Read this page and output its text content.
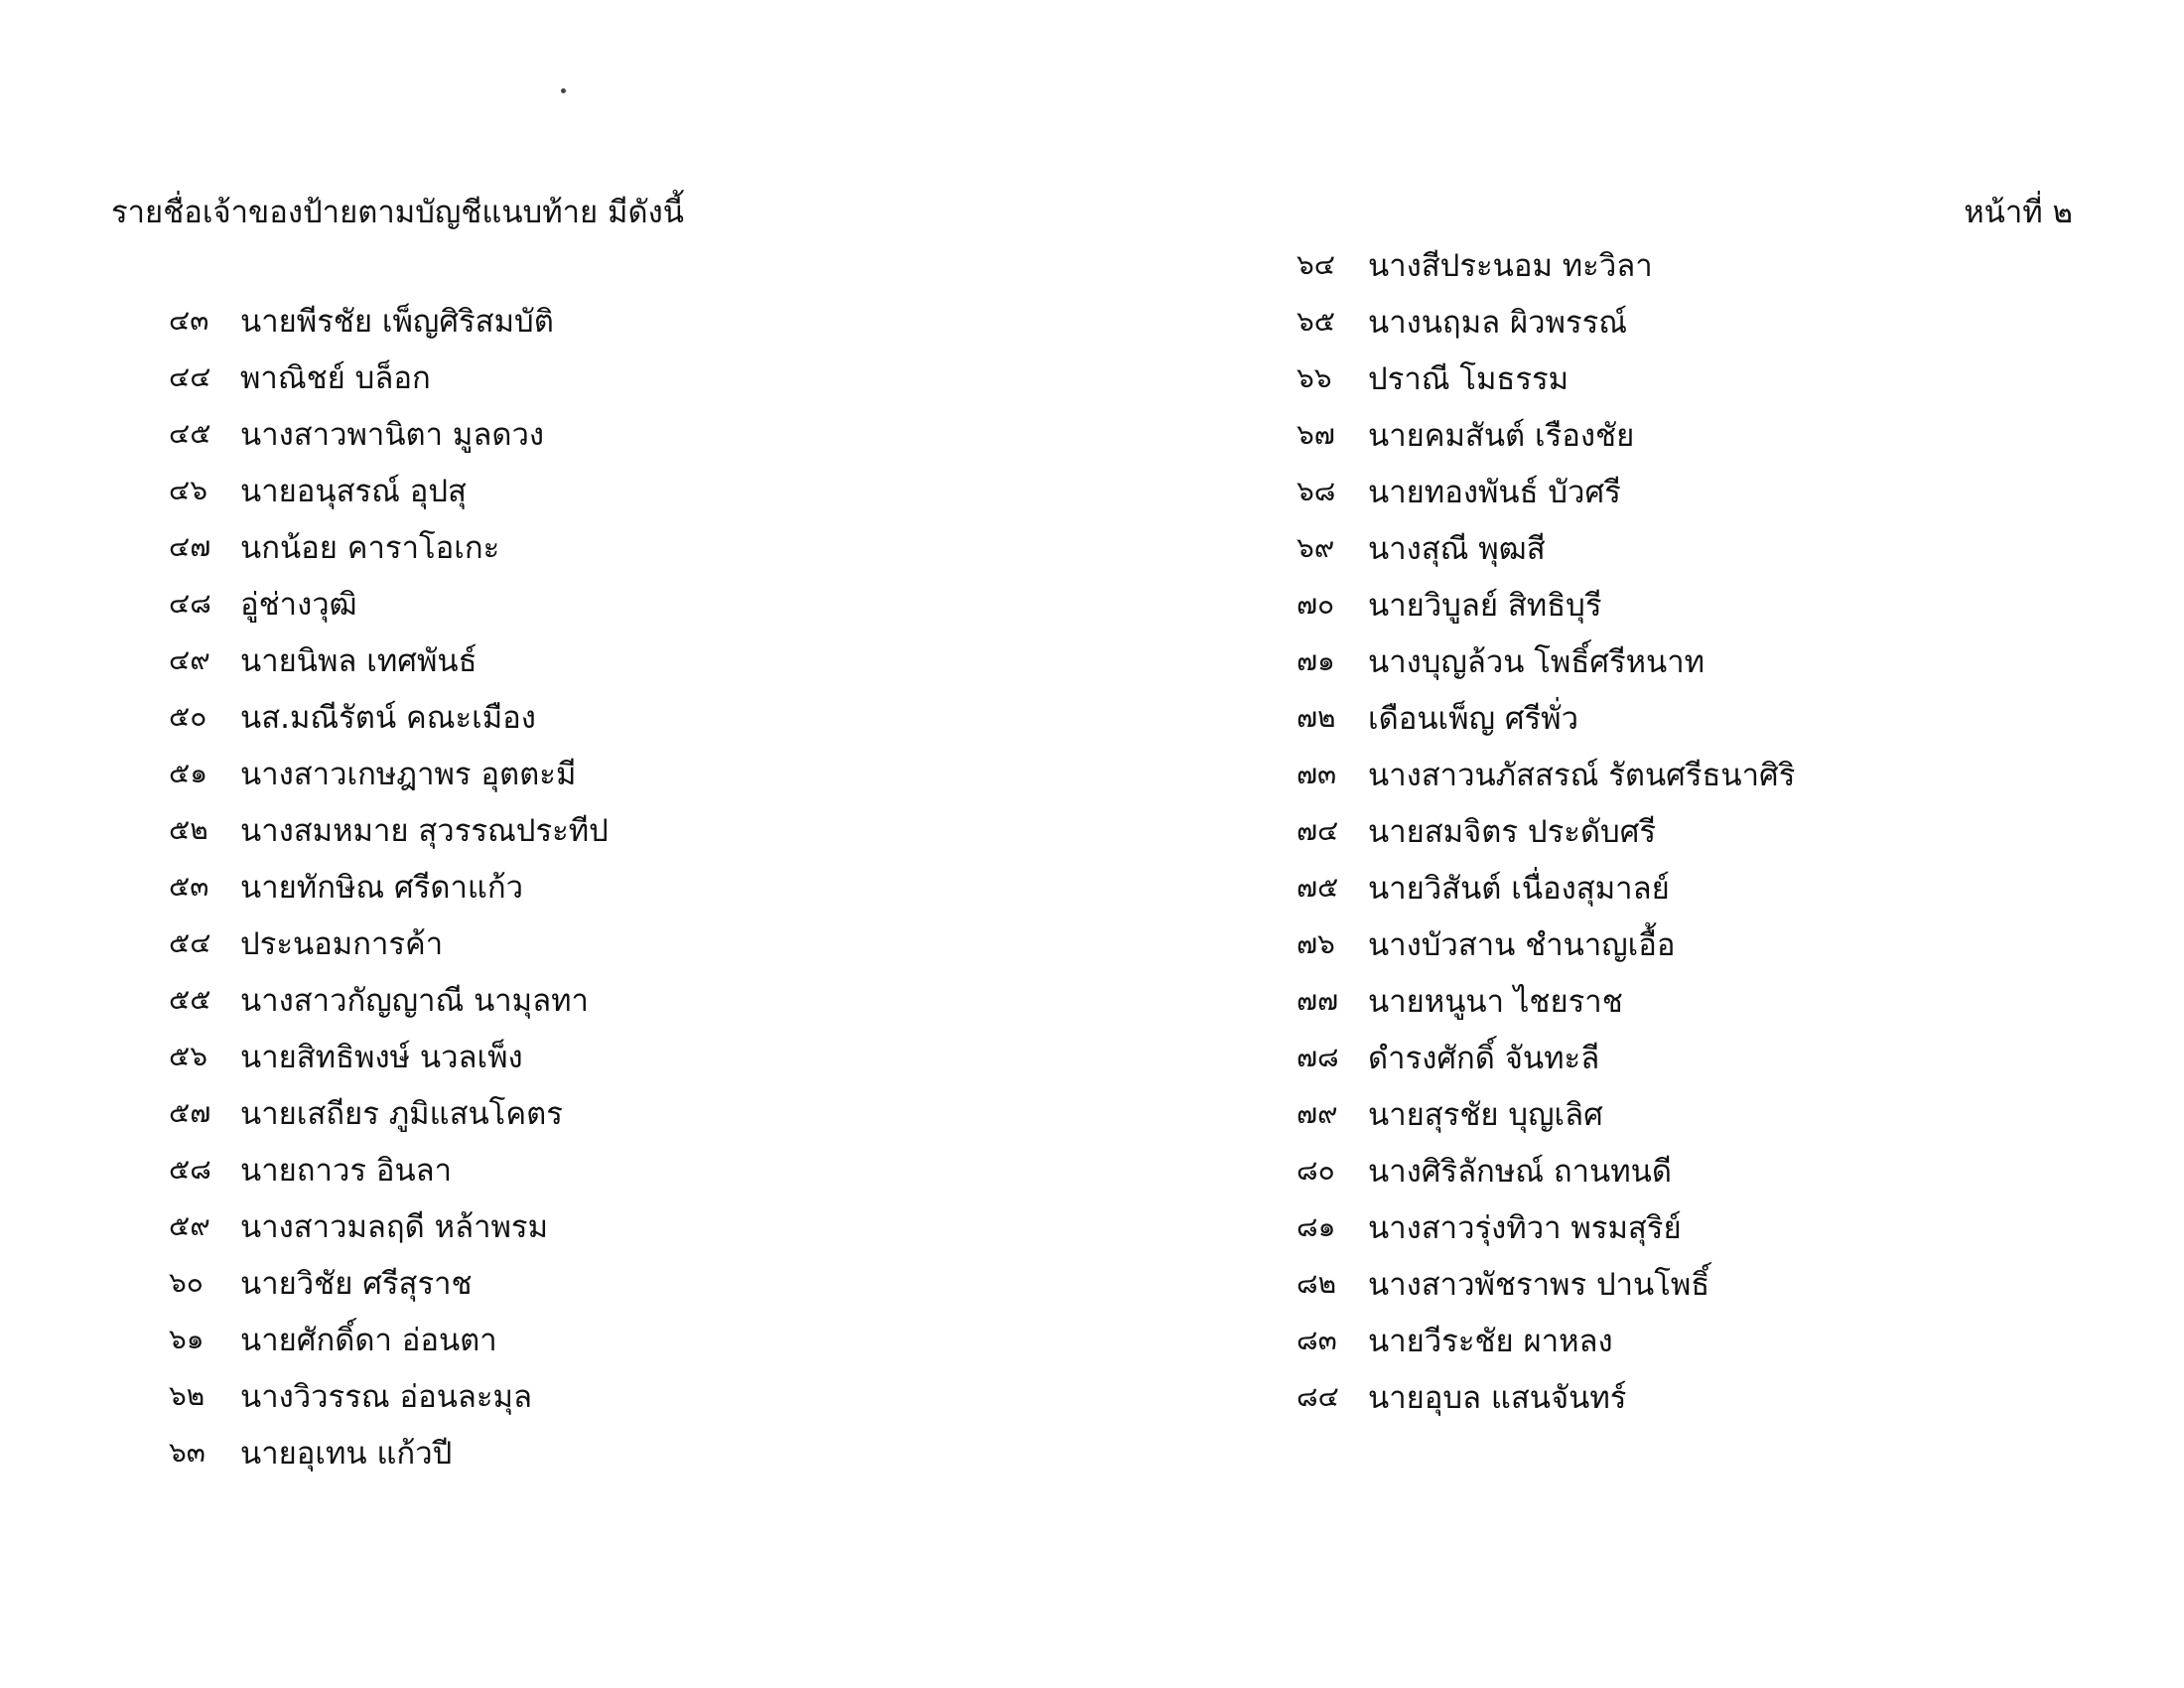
รายชื่อเจ้าของป้ายตามบัญชีแนบท้าย มีดังนี้	หน้าที่ ๒
๔๓	นายพีรชัย เพ็ญศิริสมบัติ
๔๔ พาณิชย์ บล็อก
๔๕ นางสาวพานิตา มูลดวง
๔๖	นายอนุสรณ์ อุปสุ
๔๗ นกน้อย คาราโอเกะ
๔๘ อู่ช่างวุฒิ
๔๙ นายนิพล เทศพันธ์
๕๐	นส.มณีรัตน์ คณะเมือง
๕๑	นางสาวเกษฎาพร อุตตะมี
๕๒	นางสมหมาย สุวรรณประทีป
๕๓	นายทักษิณ ศรีดาแก้ว
๕๔ ประนอมการค้า
๕๕ นางสาวกัญญาณี นามุลทา
๕๖	นายสิทธิพงษ์ นวลเพ็ง
๕๗ นายเสถียร ภูมิแสนโคตร
๕๘ นายถาวร อินลา
๕๙ นางสาวมลฤดี หล้าพรม
๖๐	นายวิชัย ศรีสุราช
๖๑	นายศักดิ์ดา อ่อนตา
๖๒	นางวิวรรณ อ่อนละมุล
๖๓	นายอุเทน แก้วปี
๖๔	นางสีประนอม ทะวิลา
๖๕	นางนฤมล ผิวพรรณ์
๖๖	ปราณี โมธรรม
๖๗	นายคมสันต์ เรืองชัย
๖๘	นายทองพันธ์ บัวศรี
๖๙	นางสุณี พุฒสี
๗๐	นายวิบูลย์ สิทธิบุรี
๗๑	นางบุญล้วน โพธิ์ศรีหนาท
๗๒	เดือนเพ็ญ ศรีพั่ว
๗๓	นางสาวนภัสสรณ์ รัตนศรีธนาศิริ
๗๔ นายสมจิตร ประดับศรี
๗๕ นายวิสันต์ เนื่องสุมาลย์
๗๖	นางบัวสาน ชำนาญเอื้อ
๗๗ นายหนูนา ไชยราช
๗๘ ดำรงศักดิ์ จันทะลี
๗๙ นายสุรชัย บุญเลิศ
๘๐	นางศิริลักษณ์ ถานทนดี
๘๑	นางสาวรุ่งทิวา พรมสุริย์
๘๒	นางสาวพัชราพร ปานโพธิ์
๘๓	นายวีระชัย ผาหลง
๘๔ นายอุบล แสนจันทร์
